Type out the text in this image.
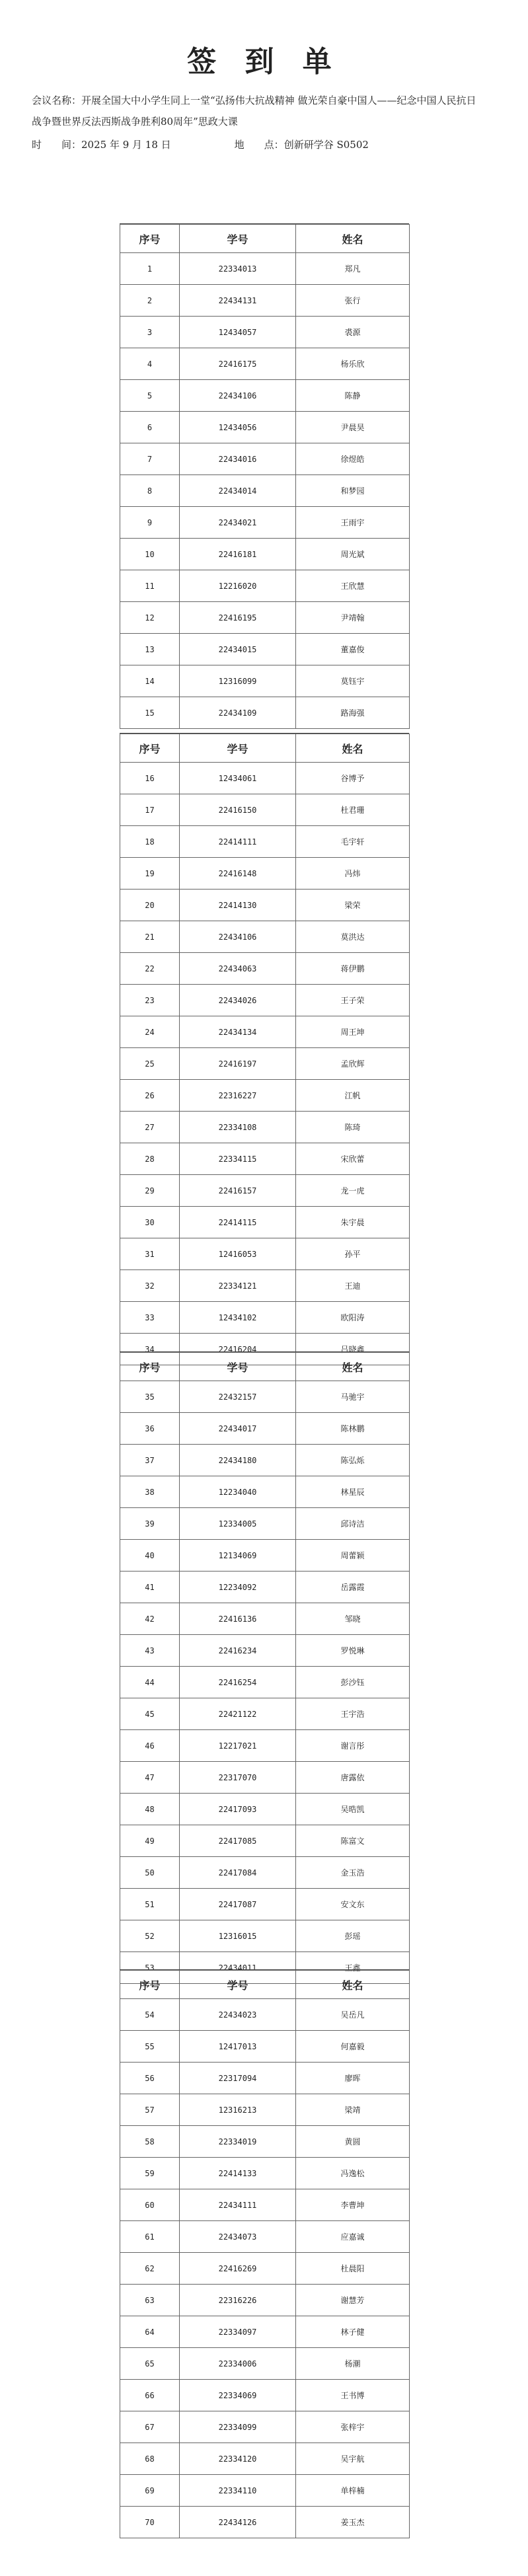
签 到 单
会议名称：开展全国大中小学生同上一堂“弘扬伟大抗战精神 做光荣自豪中国人——纪念中国人民抗日战争暨世界反法西斯战争胜利80周年”思政大课
时　　间：2025 年 9 月 18 日	地　　点：创新研学谷 S0502
序号	学号	姓名
1	22334013	郑凡
2	22434131	张行
3	12434057	裘源
4	22416175	杨乐欣
5	22434106	陈静
6	12434056	尹晨昊
7	22434016	徐煜皓
8	22434014	和梦园
9	22434021	王雨宇
10	22416181	周光斌
11	12216020	王欣慧
12	22416195	尹靖翰
13	22434015	董嘉俊
14	12316099	莫钰宇
15	22434109	路海强
序号	学号	姓名
16	12434061	谷博予
17	22416150	杜君珊
18	22414111	毛宇轩
19	22416148	冯炜
20	22414130	梁荣
21	22434106	莫洪达
22	22434063	蒋伊鹏
23	22434026	王子荣
24	22434134	周王坤
25	22416197	孟欣辉
26	22316227	江帆
27	22334108	陈琦
28	22334115	宋欣蕾
29	22416157	龙一虎
30	22414115	朱宇晨
31	12416053	孙平
32	22334121	王迪
33	12434102	欧阳涛
34	22416204	吕晓鑫
序号	学号	姓名
35	22432157	马驰宇
36	22434017	陈林鹏
37	22434180	陈弘烁
38	12234040	林星辰
39	12334005	邱诗洁
40	12134069	周蕾颖
41	12234092	岳露霞
42	22416136	邹晓
43	22416234	罗悦琳
44	22416254	彭沙钰
45	22421122	王宇浩
46	12217021	谢言彤
47	22317070	唐露依
48	22417093	吴晧凯
49	22417085	陈富文
50	22417084	金玉浩
51	22417087	安文东
52	12316015	彭瑶
53	22434011	王鑫
序号	学号	姓名
54	22434023	吴岳凡
55	12417013	何嘉毅
56	22317094	廖晖
57	12316213	梁靖
58	22334019	黄圆
59	22414133	冯逸松
60	22434111	李曹坤
61	22434073	应嘉诚
62	22416269	杜晨阳
63	22316226	谢慧芳
64	22334097	林子健
65	22334006	杨潮
66	22334069	王书博
67	22334099	张梓宇
68	22334120	吴宇航
69	22334110	单梓楠
70	22434126	姜玉杰
